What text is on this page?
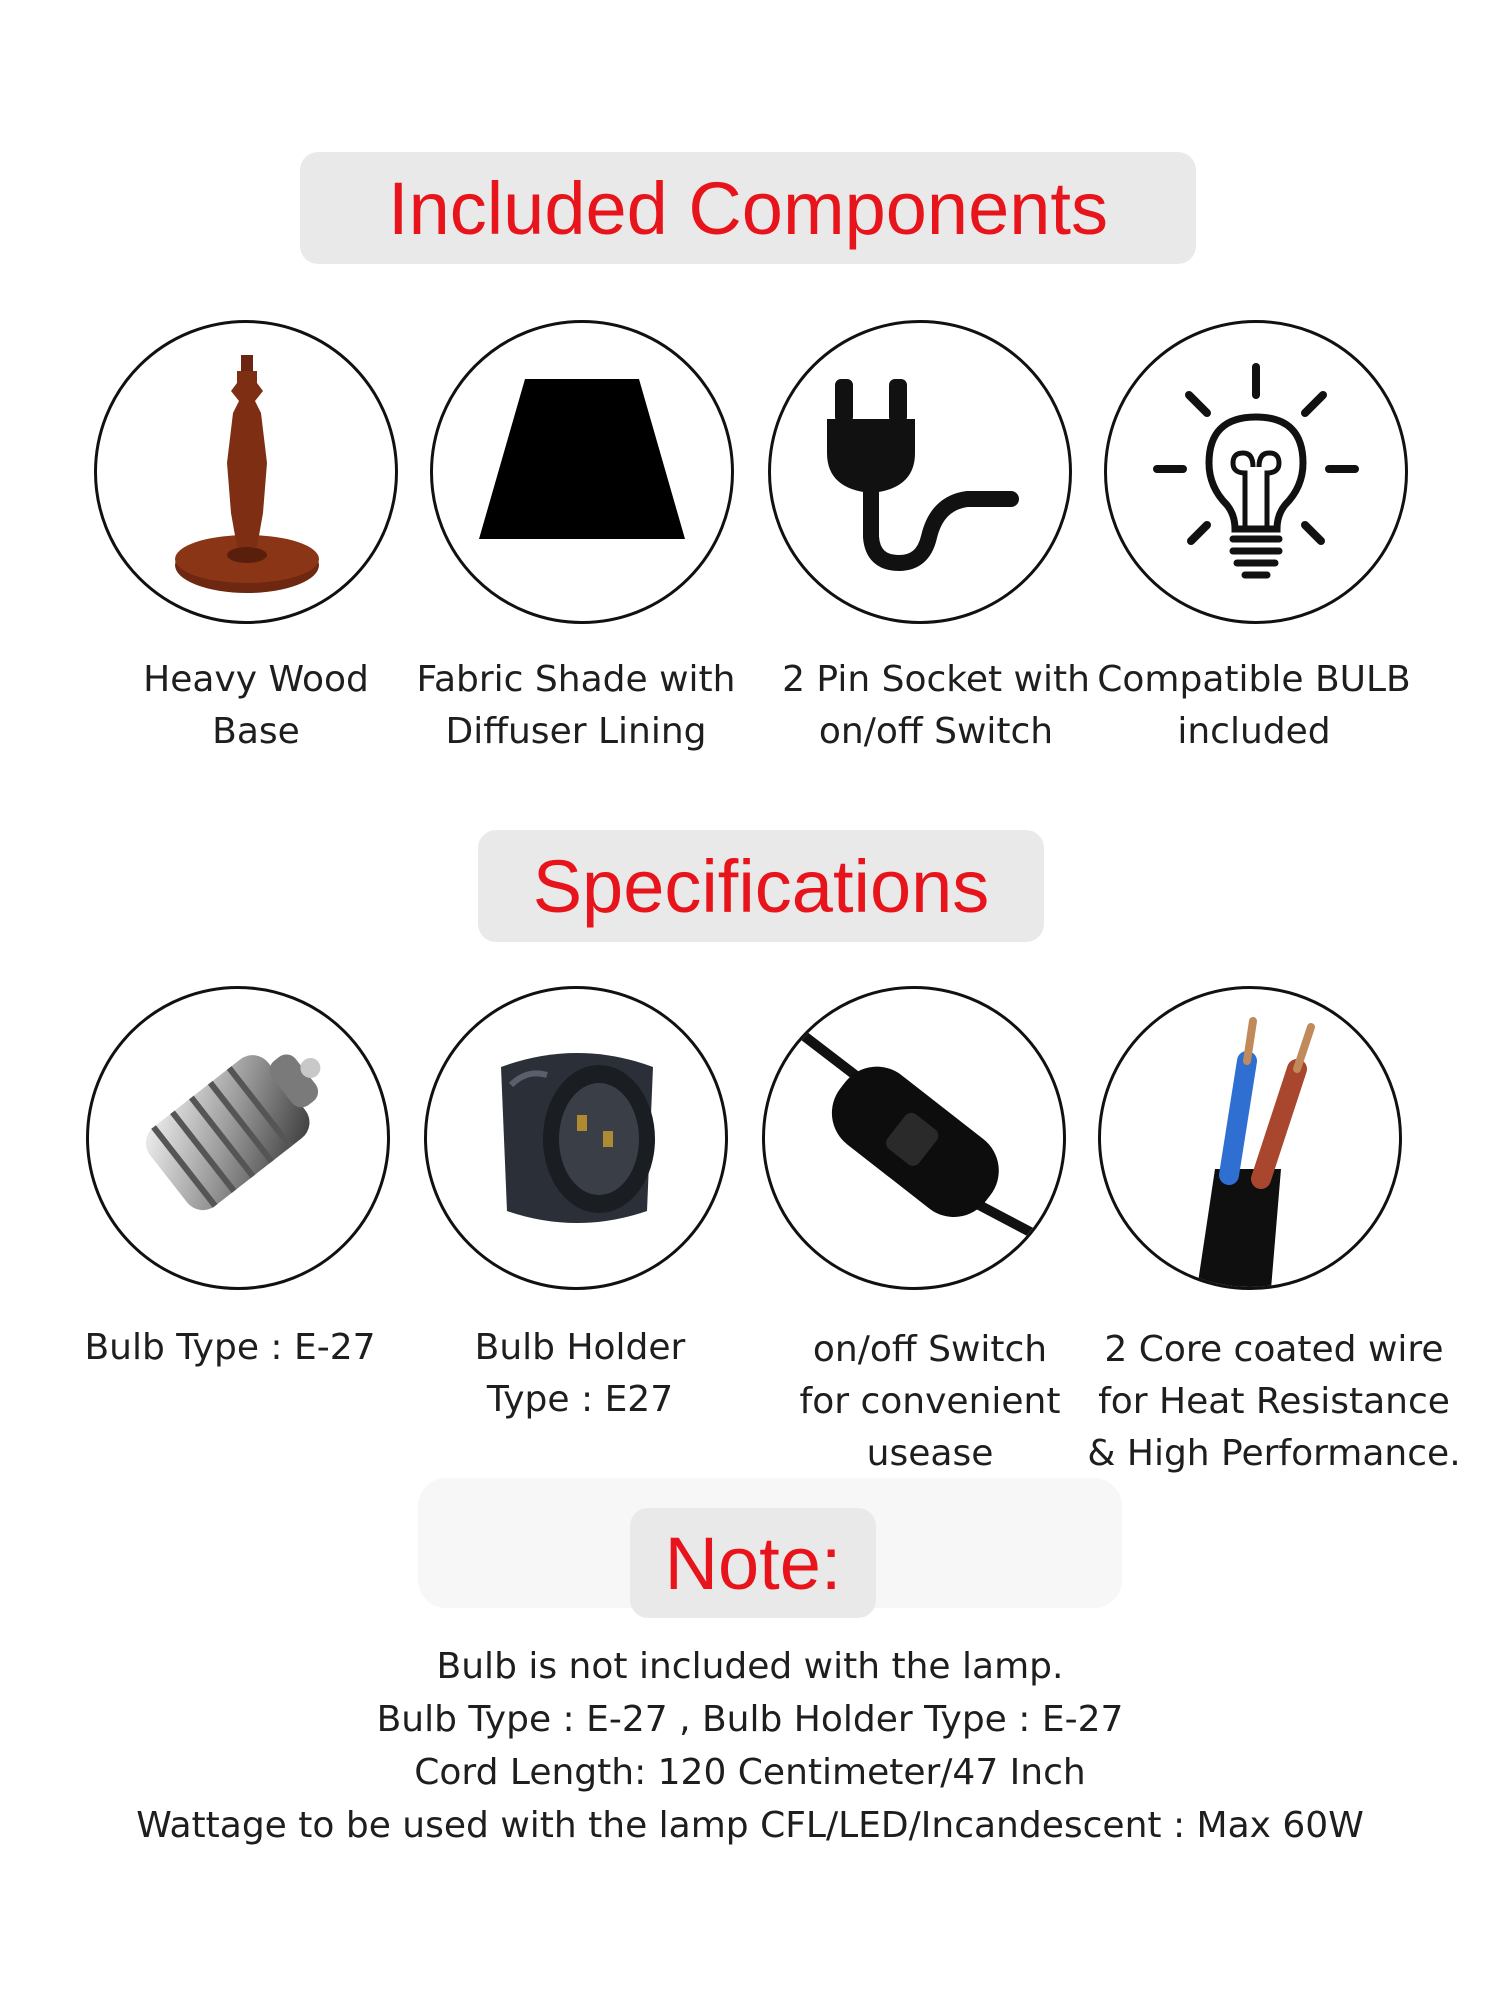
Included Components
Heavy Wood
Base
Fabric Shade with
Diffuser Lining
2 Pin Socket with
on/off Switch
Compatible BULB
included
Specifications
Bulb Type : E-27	Bulb Holder
Type : E27
on/off Switch
for convenient
usease
2 Core coated wire
for Heat Resistance
& High Performance.
Note:
Bulb is not included with the lamp.
Bulb Type : E-27 , Bulb Holder Type : E-27
Cord Length: 120 Centimeter/47 Inch
Wattage to be used with the lamp CFL/LED/Incandescent : Max 60W
